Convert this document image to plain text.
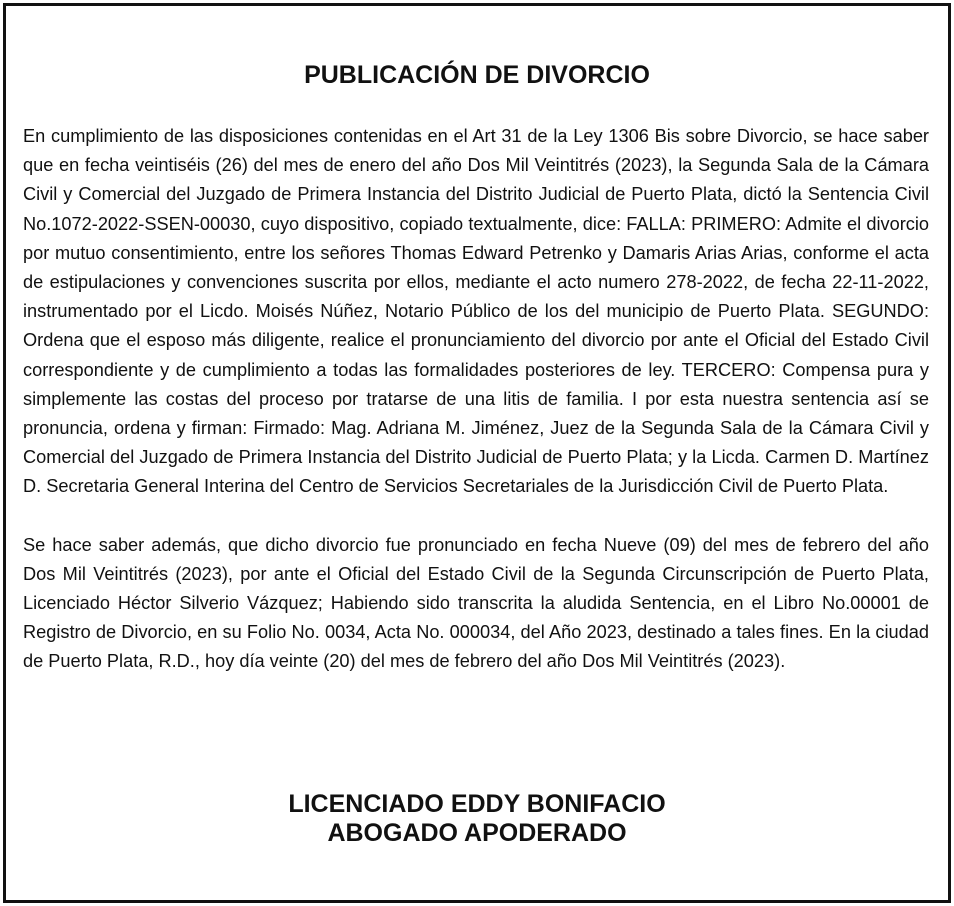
PUBLICACIÓN DE DIVORCIO

En cumplimiento de las disposiciones contenidas en el Art 31 de la Ley 1306 Bis sobre Divorcio, se hace saber que en fecha veintiséis (26) del mes de enero del año Dos Mil Veintitrés (2023), la Segunda Sala de la Cámara Civil y Comercial del Juzgado de Primera Instancia del Distrito Judicial de Puerto Plata, dictó la Sentencia Civil No.1072-2022-SSEN-00030, cuyo dispositivo, copiado textualmente, dice: FALLA: PRIMERO: Admite el divorcio por mutuo consentimiento, entre los señores Thomas Edward Petrenko y Damaris Arias Arias, conforme el acta de estipulaciones y convenciones suscrita por ellos, mediante el acto numero 278-2022, de fecha 22-11-2022, instrumentado por el Licdo. Moisés Núñez, Notario Público de los del municipio de Puerto Plata. SEGUNDO: Ordena que el esposo más diligente, realice el pronunciamiento del divorcio por ante el Oficial del Estado Civil correspondiente y de cumplimiento a todas las formalidades posteriores de ley. TERCERO: Compensa pura y simplemente las costas del proceso por tratarse de una litis de familia. I por esta nuestra sentencia así se pronuncia, ordena y firman: Firmado: Mag. Adriana M. Jiménez, Juez de la Segunda Sala de la Cámara Civil y Comercial del Juzgado de Primera Instancia del Distrito Judicial de Puerto Plata; y la Licda. Carmen D. Martínez D. Secretaria General Interina del Centro de Servicios Secretariales de la Jurisdicción Civil de Puerto Plata.

Se hace saber además, que dicho divorcio fue pronunciado en fecha Nueve (09) del mes de febrero del año Dos Mil Veintitrés (2023), por ante el Oficial del Estado Civil de la Segunda Circunscripción de Puerto Plata, Licenciado Héctor Silverio Vázquez; Habiendo sido transcrita la aludida Sentencia, en el Libro No.00001 de Registro de Divorcio, en su Folio No. 0034, Acta No. 000034, del Año 2023, destinado a tales fines. En la ciudad de Puerto Plata, R.D., hoy día veinte (20) del mes de febrero del año Dos Mil Veintitrés (2023).

LICENCIADO EDDY BONIFACIO
ABOGADO APODERADO
